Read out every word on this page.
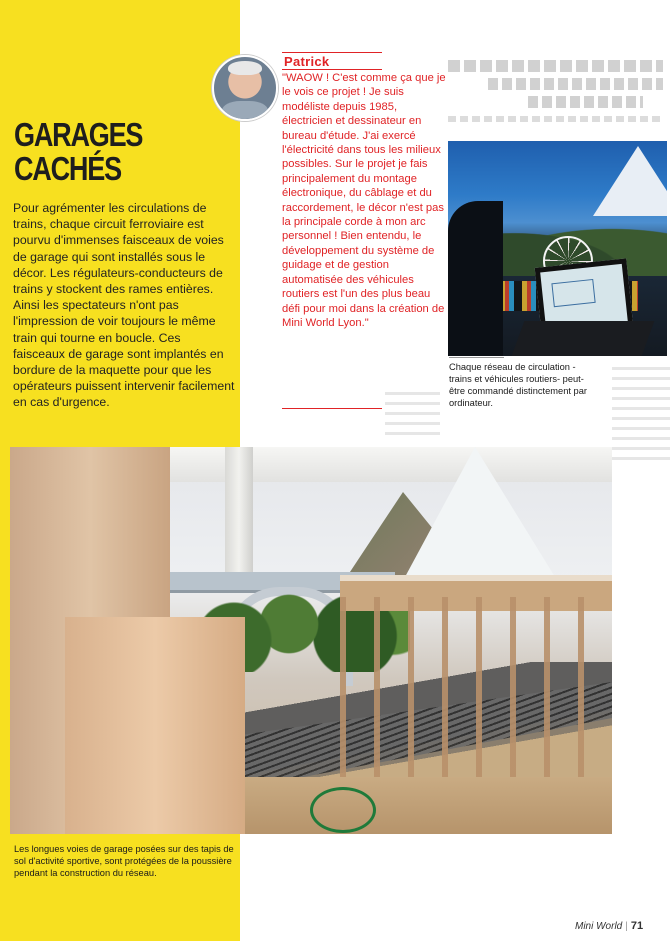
GARAGES
CACHÉS

Pour agrémenter les circulations de trains, chaque circuit ferroviaire est pourvu d'immenses faisceaux de voies de garage qui sont installés sous le décor. Les régulateurs-conducteurs de trains y stockent des rames entières. Ainsi les spectateurs n'ont pas l'impression de voir toujours le même train qui tourne en boucle. Ces faisceaux de garage sont implantés en bordure de la maquette pour que les opérateurs puissent intervenir facilement en cas d'urgence.

Patrick

"WAOW ! C'est comme ça que je le vois ce projet ! Je suis modéliste depuis 1985, électricien et dessinateur en bureau d'étude. J'ai exercé l'électricité dans tous les milieux possibles. Sur le projet je fais principalement du montage électronique, du câblage et du raccordement, le décor n'est pas la principale corde à mon arc personnel ! Bien entendu, le développement du système de guidage et de gestion automatisée des véhicules routiers est l'un des plus beau défi pour moi dans la création de Mini World Lyon."

Chaque réseau de circulation - trains et véhicules routiers- peut-être commandé distinctement par ordinateur.

Les longues voies de garage posées sur des tapis de sol d'activité sportive, sont protégées de la poussière pendant la construction du réseau.

Mini World | 71
